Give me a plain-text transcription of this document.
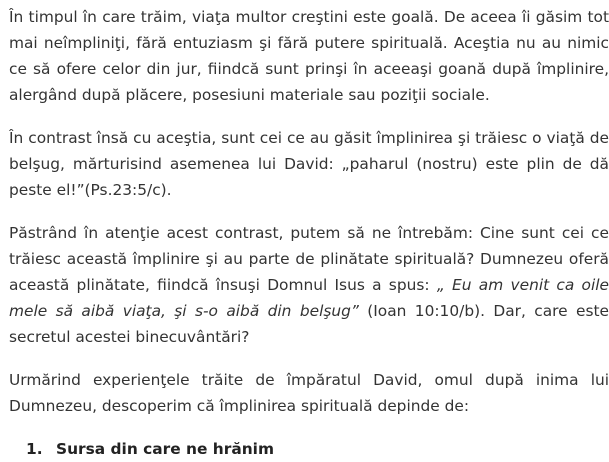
În timpul în care trăim, viaţa multor creştini este goală. De aceea îi găsim tot mai neîmpliniţi, fără entuziasm şi fără putere spirituală. Aceştia nu au nimic ce să ofere celor din jur, fiindcă sunt prinşi în aceeaşi goană după împlinire, alergând după plăcere, posesiuni materiale sau poziţii sociale.

În contrast însă cu aceştia, sunt cei ce au găsit împlinirea şi trăiesc o viaţă de belşug, mărturisind asemenea lui David: „paharul (nostru) este plin de dă peste el!”(Ps.23:5/c).

Păstrând în atenţie acest contrast, putem să ne întrebăm: Cine sunt cei ce trăiesc această împlinire şi au parte de plinătate spirituală? Dumnezeu oferă această plinătate, fiindcă însuşi Domnul Isus a spus: „ Eu am venit ca oile mele să aibă viaţa, şi s-o aibă din belşug” (Ioan 10:10/b). Dar, care este secretul acestei binecuvântări?

Urmărind experienţele trăite de împăratul David, omul după inima lui Dumnezeu, descoperim că împlinirea spirituală depinde de:

1. Sursa din care ne hrănim
